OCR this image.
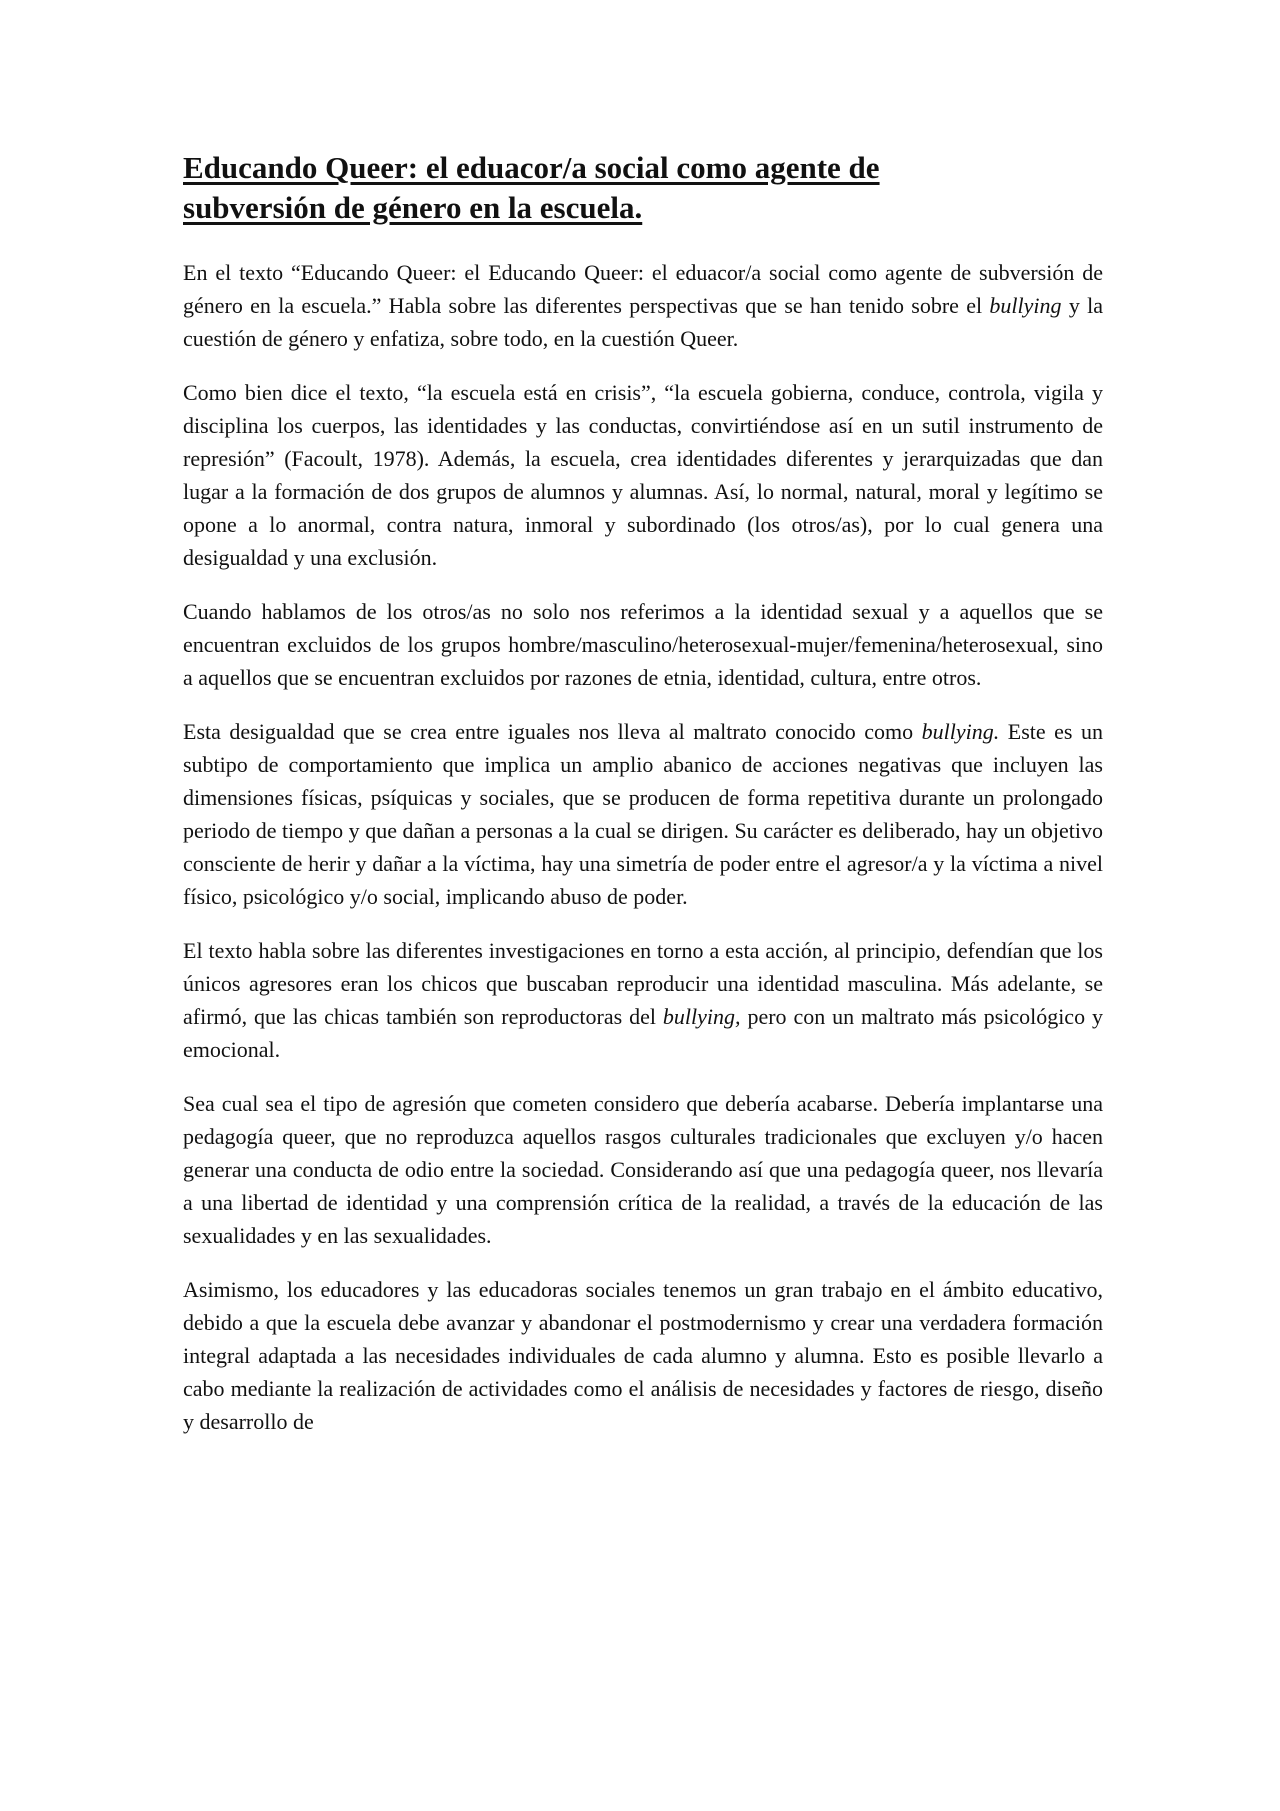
Educando Queer: el eduacor/a social como agente de
subversión de género en la escuela.

En el texto “Educando Queer: el Educando Queer: el eduacor/a social como agente de subversión de género en la escuela.” Habla sobre las diferentes perspectivas que se han tenido sobre el bullying y la cuestión de género y enfatiza, sobre todo, en la cuestión Queer.

Como bien dice el texto, “la escuela está en crisis”, “la escuela gobierna, conduce, controla, vigila y disciplina los cuerpos, las identidades y las conductas, convirtiéndose así en un sutil instrumento de represión” (Facoult, 1978). Además, la escuela, crea identidades diferentes y jerarquizadas que dan lugar a la formación de dos grupos de alumnos y alumnas. Así, lo normal, natural, moral y legítimo se opone a lo anormal, contra natura, inmoral y subordinado (los otros/as), por lo cual genera una desigualdad y una exclusión.

Cuando hablamos de los otros/as no solo nos referimos a la identidad sexual y a aquellos que se encuentran excluidos de los grupos hombre/masculino/heterosexual-mujer/femenina/heterosexual, sino a aquellos que se encuentran excluidos por razones de etnia, identidad, cultura, entre otros.

Esta desigualdad que se crea entre iguales nos lleva al maltrato conocido como bullying. Este es un subtipo de comportamiento que implica un amplio abanico de acciones negativas que incluyen las dimensiones físicas, psíquicas y sociales, que se producen de forma repetitiva durante un prolongado periodo de tiempo y que dañan a personas a la cual se dirigen. Su carácter es deliberado, hay un objetivo consciente de herir y dañar a la víctima, hay una simetría de poder entre el agresor/a y la víctima a nivel físico, psicológico y/o social, implicando abuso de poder.

El texto habla sobre las diferentes investigaciones en torno a esta acción, al principio, defendían que los únicos agresores eran los chicos que buscaban reproducir una identidad masculina. Más adelante, se afirmó, que las chicas también son reproductoras del bullying, pero con un maltrato más psicológico y emocional.

Sea cual sea el tipo de agresión que cometen considero que debería acabarse. Debería implantarse una pedagogía queer, que no reproduzca aquellos rasgos culturales tradicionales que excluyen y/o hacen generar una conducta de odio entre la sociedad. Considerando así que una pedagogía queer, nos llevaría a una libertad de identidad y una comprensión crítica de la realidad, a través de la educación de las sexualidades y en las sexualidades.

Asimismo, los educadores y las educadoras sociales tenemos un gran trabajo en el ámbito educativo, debido a que la escuela debe avanzar y abandonar el postmodernismo y crear una verdadera formación integral adaptada a las necesidades individuales de cada alumno y alumna. Esto es posible llevarlo a cabo mediante la realización de actividades como el análisis de necesidades y factores de riesgo, diseño y desarrollo de
